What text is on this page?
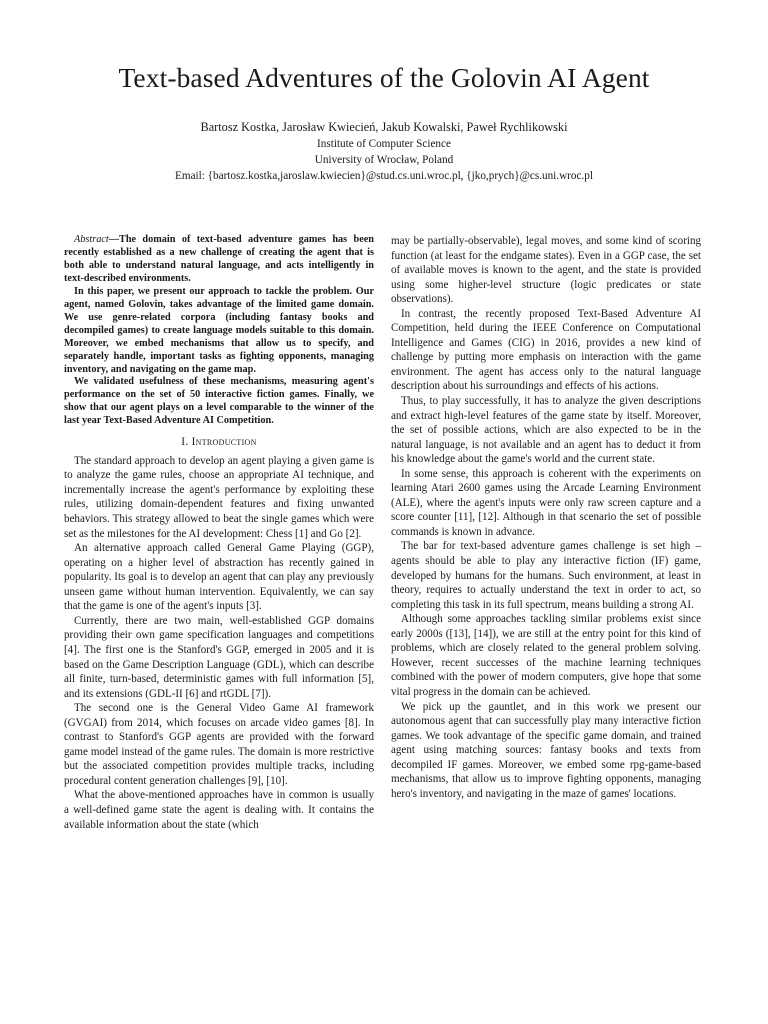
Text-based Adventures of the Golovin AI Agent
Bartosz Kostka, Jarosław Kwiecień, Jakub Kowalski, Paweł Rychlikowski
Institute of Computer Science
University of Wrocław, Poland
Email: {bartosz.kostka,jaroslaw.kwiecien}@stud.cs.uni.wroc.pl, {jko,prych}@cs.uni.wroc.pl

Abstract—The domain of text-based adventure games has been recently established as a new challenge of creating the agent that is both able to understand natural language, and acts intelligently in text-described environments.

In this paper, we present our approach to tackle the problem. Our agent, named Golovin, takes advantage of the limited game domain. We use genre-related corpora (including fantasy books and decompiled games) to create language models suitable to this domain. Moreover, we embed mechanisms that allow us to specify, and separately handle, important tasks as fighting opponents, managing inventory, and navigating on the game map.

We validated usefulness of these mechanisms, measuring agent's performance on the set of 50 interactive fiction games. Finally, we show that our agent plays on a level comparable to the winner of the last year Text-Based Adventure AI Competition.

I. Introduction

The standard approach to develop an agent playing a given game is to analyze the game rules, choose an appropriate AI technique, and incrementally increase the agent's performance by exploiting these rules, utilizing domain-dependent features and fixing unwanted behaviors. This strategy allowed to beat the single games which were set as the milestones for the AI development: Chess [1] and Go [2].

An alternative approach called General Game Playing (GGP), operating on a higher level of abstraction has recently gained in popularity. Its goal is to develop an agent that can play any previously unseen game without human intervention. Equivalently, we can say that the game is one of the agent's inputs [3].

Currently, there are two main, well-established GGP domains providing their own game specification languages and competitions [4]. The first one is the Stanford's GGP, emerged in 2005 and it is based on the Game Description Language (GDL), which can describe all finite, turn-based, deterministic games with full information [5], and its extensions (GDL-II [6] and rtGDL [7]).

The second one is the General Video Game AI framework (GVGAI) from 2014, which focuses on arcade video games [8]. In contrast to Stanford's GGP agents are provided with the forward game model instead of the game rules. The domain is more restrictive but the associated competition provides multiple tracks, including procedural content generation challenges [9], [10].

What the above-mentioned approaches have in common is usually a well-defined game state the agent is dealing with. It contains the available information about the state (which

may be partially-observable), legal moves, and some kind of scoring function (at least for the endgame states). Even in a GGP case, the set of available moves is known to the agent, and the state is provided using some higher-level structure (logic predicates or state observations).

In contrast, the recently proposed Text-Based Adventure AI Competition, held during the IEEE Conference on Computational Intelligence and Games (CIG) in 2016, provides a new kind of challenge by putting more emphasis on interaction with the game environment. The agent has access only to the natural language description about his surroundings and effects of his actions.

Thus, to play successfully, it has to analyze the given descriptions and extract high-level features of the game state by itself. Moreover, the set of possible actions, which are also expected to be in the natural language, is not available and an agent has to deduct it from his knowledge about the game's world and the current state.

In some sense, this approach is coherent with the experiments on learning Atari 2600 games using the Arcade Learning Environment (ALE), where the agent's inputs were only raw screen capture and a score counter [11], [12]. Although in that scenario the set of possible commands is known in advance.

The bar for text-based adventure games challenge is set high – agents should be able to play any interactive fiction (IF) game, developed by humans for the humans. Such environment, at least in theory, requires to actually understand the text in order to act, so completing this task in its full spectrum, means building a strong AI.

Although some approaches tackling similar problems exist since early 2000s ([13], [14]), we are still at the entry point for this kind of problems, which are closely related to the general problem solving. However, recent successes of the machine learning techniques combined with the power of modern computers, give hope that some vital progress in the domain can be achieved.

We pick up the gauntlet, and in this work we present our autonomous agent that can successfully play many interactive fiction games. We took advantage of the specific game domain, and trained agent using matching sources: fantasy books and texts from decompiled IF games. Moreover, we embed some rpg-game-based mechanisms, that allow us to improve fighting opponents, managing hero's inventory, and navigating in the maze of games' locations.
